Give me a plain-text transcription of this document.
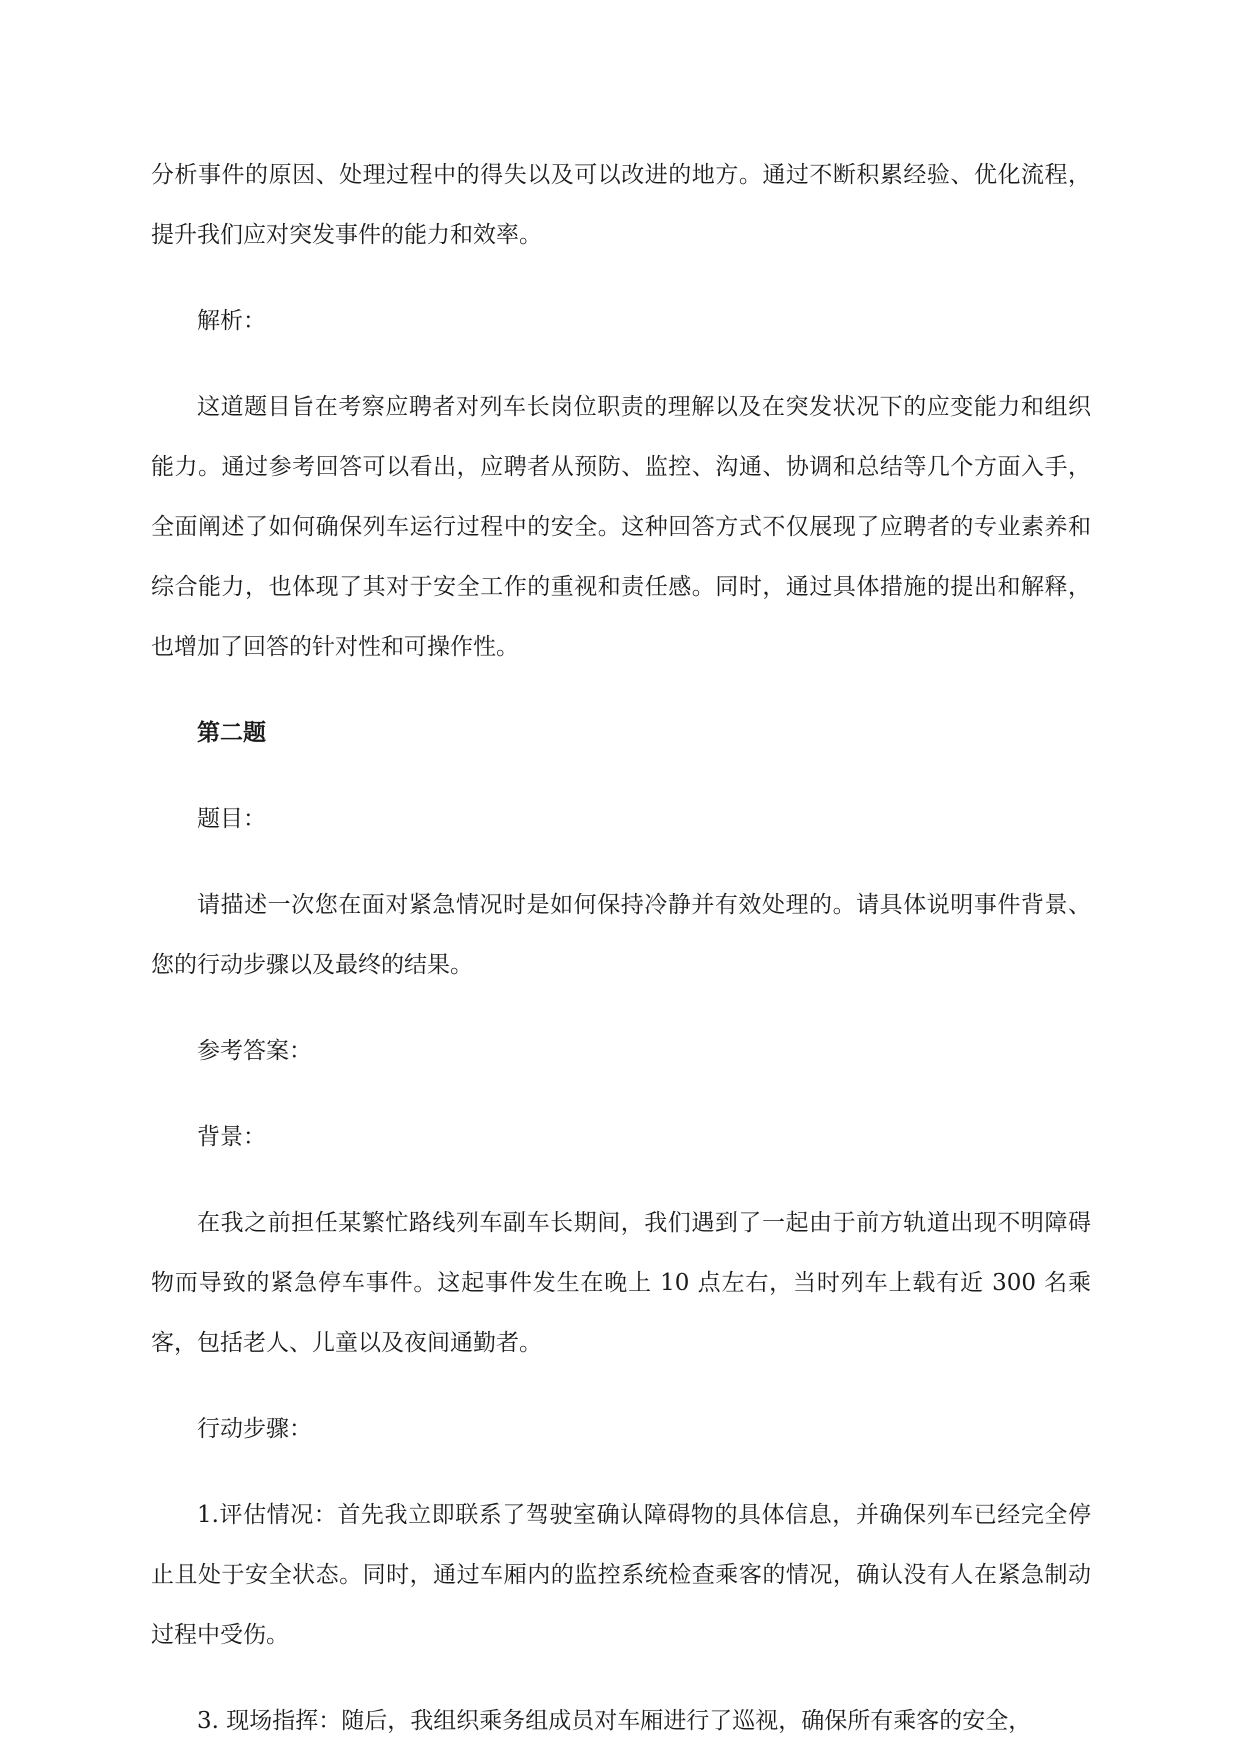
分析事件的原因、处理过程中的得失以及可以改进的地方。通过不断积累经验、优化流程，提升我们应对突发事件的能力和效率。

解析：

这道题目旨在考察应聘者对列车长岗位职责的理解以及在突发状况下的应变能力和组织能力。通过参考回答可以看出，应聘者从预防、监控、沟通、协调和总结等几个方面入手，全面阐述了如何确保列车运行过程中的安全。这种回答方式不仅展现了应聘者的专业素养和综合能力，也体现了其对于安全工作的重视和责任感。同时，通过具体措施的提出和解释，也增加了回答的针对性和可操作性。

第二题

题目：

请描述一次您在面对紧急情况时是如何保持冷静并有效处理的。请具体说明事件背景、您的行动步骤以及最终的结果。

参考答案：

背景：

在我之前担任某繁忙路线列车副车长期间，我们遇到了一起由于前方轨道出现不明障碍物而导致的紧急停车事件。这起事件发生在晚上 10 点左右，当时列车上载有近 300 名乘客，包括老人、儿童以及夜间通勤者。

行动步骤：

1.评估情况：首先我立即联系了驾驶室确认障碍物的具体信息，并确保列车已经完全停止且处于安全状态。同时，通过车厢内的监控系统检查乘客的情况，确认没有人在紧急制动过程中受伤。

3. 现场指挥：随后，我组织乘务组成员对车厢进行了巡视，确保所有乘客的安全，
